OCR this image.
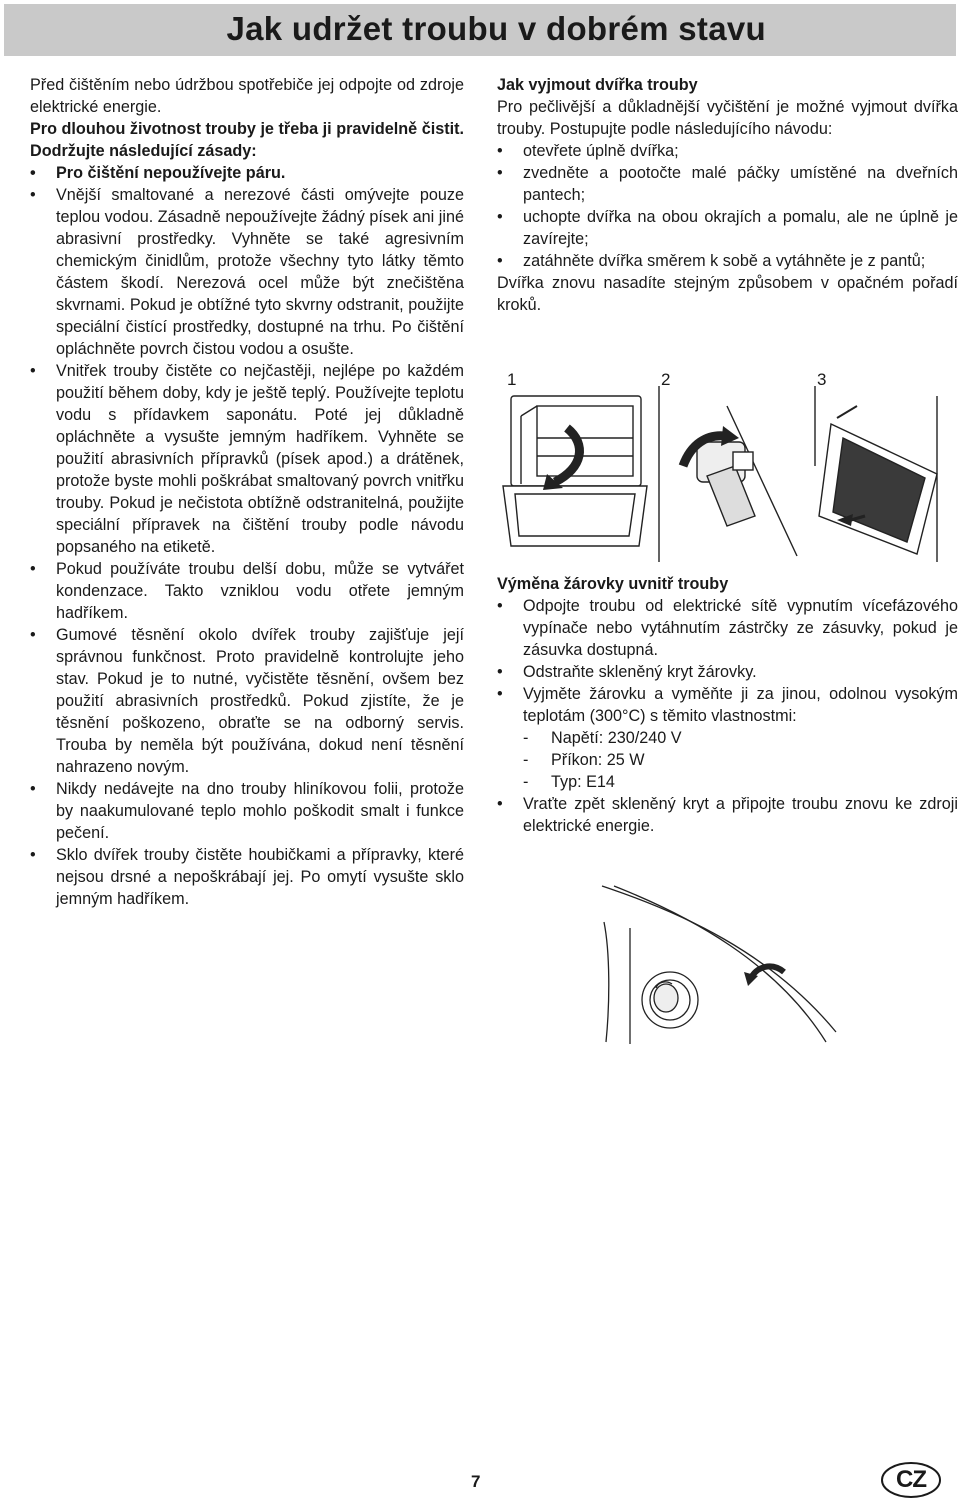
Jak udržet troubu v dobrém stavu

Před čištěním nebo údržbou spotřebiče jej odpojte od zdroje elektrické energie.

Pro dlouhou životnost trouby je třeba ji pravidelně čistit. Dodržujte následující zásady:

• Pro čištění nepoužívejte páru.
• Vnější smaltované a nerezové části omývejte pouze teplou vodou. Zásadně nepoužívejte žádný písek ani jiné abrasivní prostředky. Vyhněte se také agresivním chemickým činidlům, protože všechny tyto látky těmto částem škodí. Nerezová ocel může být znečištěna skvrnami. Pokud je obtížné tyto skvrny odstranit, použijte speciální čistící prostředky, dostupné na trhu. Po čištění opláchněte povrch čistou vodou a osušte.
• Vnitřek trouby čistěte co nejčastěji, nejlépe po každém použití během doby, kdy je ještě teplý. Používejte teplotu vodu s přídavkem saponátu. Poté jej důkladně opláchněte a vysušte jemným hadříkem. Vyhněte se použití abrasivních přípravků (písek apod.) a drátěnek, protože byste mohli poškrábat smaltovaný povrch vnitřku trouby. Pokud je nečistota obtížně odstranitelná, použijte speciální přípravek na čištění trouby podle návodu popsaného na etiketě.
• Pokud používáte troubu delší dobu, může se vytvářet kondenzace. Takto vzniklou vodu otřete jemným hadříkem.
• Gumové těsnění okolo dvířek trouby zajišťuje její správnou funkčnost. Proto pravidelně kontrolujte jeho stav. Pokud je to nutné, vyčistěte těsnění, ovšem bez použití abrasivních prostředků. Pokud zjistíte, že je těsnění poškozeno, obraťte se na odborný servis. Trouba by neměla být používána, dokud není těsnění nahrazeno novým.
• Nikdy nedávejte na dno trouby hliníkovou folii, protože by naakumulované teplo mohlo poškodit smalt i funkce pečení.
• Sklo dvířek trouby čistěte houbičkami a přípravky, které nejsou drsné a nepoškrábají jej. Po omytí vysušte sklo jemným hadříkem.

Jak vyjmout dvířka trouby

Pro pečlivější a důkladnější vyčištění je možné vyjmout dvířka trouby. Postupujte podle následujícího návodu:

• otevřete úplně dvířka;
• zvedněte a pootočte malé páčky umístěné na dveřních pantech;
• uchopte dvířka na obou okrajích a pomalu, ale ne úplně je zavírejte;
• zatáhněte dvířka směrem k sobě a vytáhněte je z pantů;

Dvířka znovu nasadíte stejným způsobem v opačném pořadí kroků.

1	2	3

Výměna žárovky uvnitř trouby

• Odpojte troubu od elektrické sítě vypnutím vícefázového vypínače nebo vytáhnutím zástrčky ze zásuvky, pokud je zásuvka dostupná.
• Odstraňte skleněný kryt žárovky.
• Vyjměte žárovku a vyměňte ji za jinou, odolnou vysokým teplotám (300°C) s těmito vlastnostmi:
- Napětí: 230/240 V
- Příkon: 25 W
- Typ: E14
• Vraťte zpět skleněný kryt a připojte troubu znovu ke zdroji elektrické energie.
7	CZ
